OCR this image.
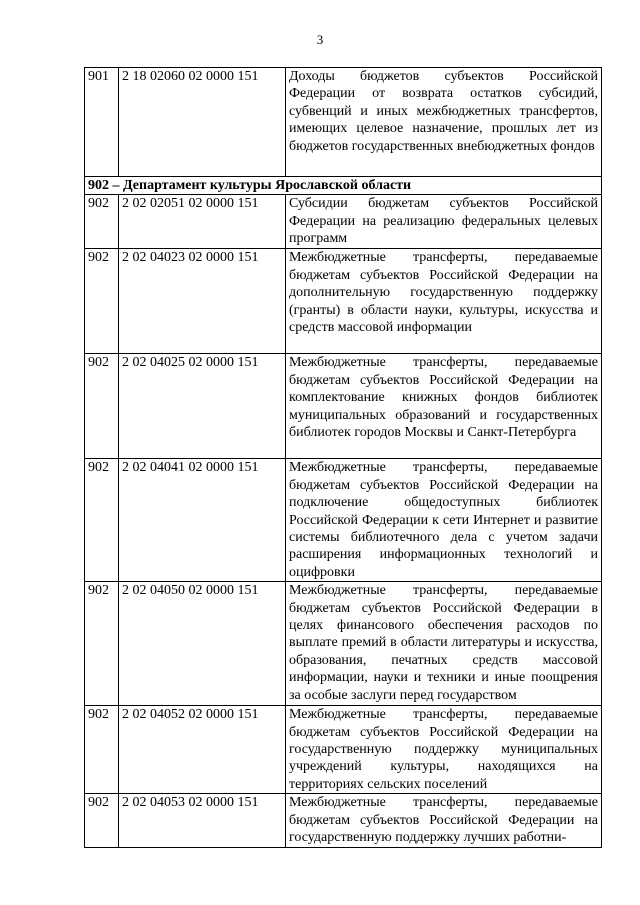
3
901	2 18 02060 02 0000 151	Доходы бюджетов субъектов Российской Федерации от возврата остатков субсидий, субвенций и иных межбюджетных трансфертов, имеющих целевое назначение, прошлых лет из бюджетов государственных внебюджетных фондов
902 – Департамент культуры Ярославской области		
902	2 02 02051 02 0000 151	Субсидии бюджетам субъектов Российской Федерации на реализацию федеральных целевых программ
902	2 02 04023 02 0000 151	Межбюджетные трансферты, передаваемые бюджетам субъектов Российской Федерации на дополнительную государственную поддержку (гранты) в области науки, культуры, искусства и средств массовой информации
902	2 02 04025 02 0000 151	Межбюджетные трансферты, передаваемые бюджетам субъектов Российской Федерации на комплектование книжных фондов библиотек муниципальных образований и государственных библиотек городов Москвы и Санкт-Петербурга
902	2 02 04041 02 0000 151	Межбюджетные трансферты, передаваемые бюджетам субъектов Российской Федерации на подключение общедоступных библиотек Российской Федерации к сети Интернет и развитие системы библиотечного дела с учетом задачи расширения информационных технологий и оцифровки
902	2 02 04050 02 0000 151	Межбюджетные трансферты, передаваемые бюджетам субъектов Российской Федерации в целях финансового обеспечения расходов по выплате премий в области литературы и искусства, образования, печатных средств массовой информации, науки и техники и иные поощрения за особые заслуги перед государством
902	2 02 04052 02 0000 151	Межбюджетные трансферты, передаваемые бюджетам субъектов Российской Федерации на государственную поддержку муниципальных учреждений культуры, находящихся на территориях сельских поселений
902	2 02 04053 02 0000 151	Межбюджетные трансферты, передаваемые бюджетам субъектов Российской Федерации на государственную поддержку лучших работни-
